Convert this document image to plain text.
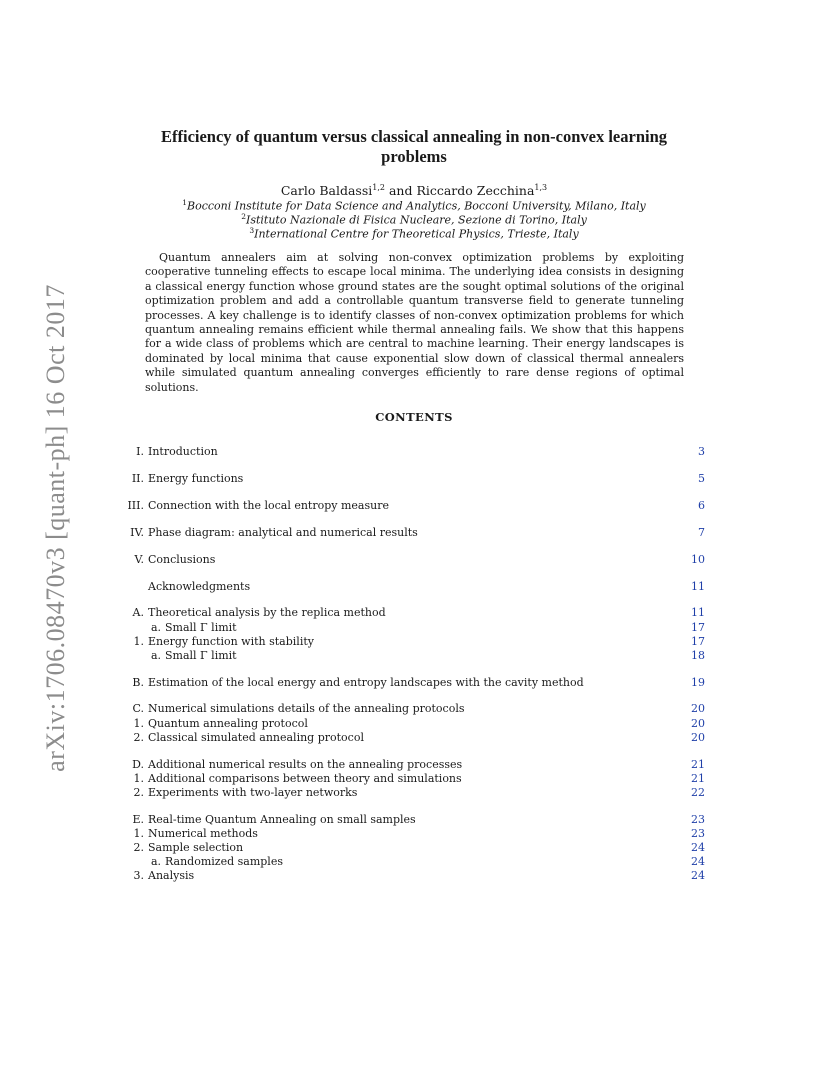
arXiv:1706.08470v3 [quant-ph] 16 Oct 2017
Efficiency of quantum versus classical annealing in non-convex learning
problems
Carlo Baldassi$^{1,2}$ and Riccardo Zecchina$^{1,3}$
$^1$Bocconi Institute for Data Science and Analytics, Bocconi University, Milano, Italy
$^2$Istituto Nazionale di Fisica Nucleare, Sezione di Torino, Italy
$^3$International Centre for Theoretical Physics, Trieste, Italy

Quantum annealers aim at solving non-convex optimization problems by exploiting cooperative tunneling effects to escape local minima. The underlying idea consists in designing a classical energy function whose ground states are the sought optimal solutions of the original optimization problem and add a controllable quantum transverse field to generate tunneling processes. A key challenge is to identify classes of non-convex optimization problems for which quantum annealing remains efficient while thermal annealing fails. We show that this happens for a wide class of problems which are central to machine learning. Their energy landscapes is dominated by local minima that cause exponential slow down of classical thermal annealers while simulated quantum annealing converges efficiently to rare dense regions of optimal solutions.

CONTENTS
I. Introduction	3
II. Energy functions	5
III. Connection with the local entropy measure	6
IV. Phase diagram: analytical and numerical results	7
V. Conclusions	10
Acknowledgments	11
A. Theoretical analysis by the replica method	11
a. Small Γ limit	17
1. Energy function with stability	17
a. Small Γ limit	18
B. Estimation of the local energy and entropy landscapes with the cavity method	19
C. Numerical simulations details of the annealing protocols	20
1. Quantum annealing protocol	20
2. Classical simulated annealing protocol	20
D. Additional numerical results on the annealing processes	21
1. Additional comparisons between theory and simulations	21
2. Experiments with two-layer networks	22
E. Real-time Quantum Annealing on small samples	23
1. Numerical methods	23
2. Sample selection	24
a. Randomized samples	24
3. Analysis	24
